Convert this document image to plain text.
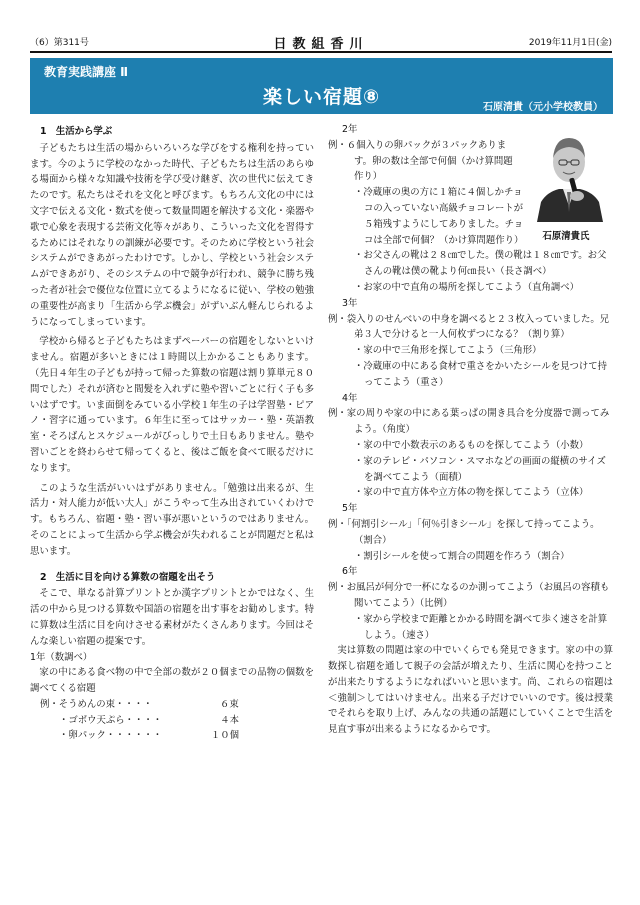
（6）第311号	日教組香川	2019年11月1日(金)
教育実践講座 Ⅱ
楽しい宿題⑧	石原清貴（元小学校教員）
1　生活から学ぶ

子どもたちは生活の場からいろいろな学びをする権利を持っています。今のように学校のなかった時代、子どもたちは生活のあらゆる場面から様々な知識や技術を学び受け継ぎ、次の世代に伝えてきたのです。私たちはそれを文化と呼びます。もちろん文化の中には文字で伝える文化・数式を使って数量問題を解決する文化・楽器や歌で心象を表現する芸術文化等々があり、こういった文化を習得するためにはそれなりの訓練が必要です。そのために学校という社会システムができあがったわけです。しかし、学校という社会システムができあがり、そのシステムの中で競争が行われ、競争に勝ち残った者が社会で優位な位置に立てるようになるに従い、学校の勉強の重要性が高まり「生活から学ぶ機会」がずいぶん軽んじられるようになってしまっています。

学校から帰ると子どもたちはまずペーパーの宿題をしないといけません。宿題が多いときには１時間以上かかることもあります。（先日４年生の子どもが持って帰った算数の宿題は割り算単元８０問でした）それが済むと間髪を入れずに塾や習いごとに行く子も多いはずです。いま面倒をみている小学校１年生の子は学習塾・ピアノ・習字に通っています。６年生に至ってはサッカー・塾・英語教室・そろばんとスケジュールがびっしりで土日もありません。塾や習いごとを終わらせて帰ってくると、後はご飯を食べて眠るだけになります。

このような生活がいいはずがありません。「勉強は出来るが、生活力・対人能力が低い大人」がこうやって生み出されていくわけです。もちろん、宿題・塾・習い事が悪いというのではありません。そのことによって生活から学ぶ機会が失われることが問題だと私は思います。

2　生活に目を向ける算数の宿題を出そう

そこで、単なる計算プリントとか漢字プリントとかではなく、生活の中から見つける算数や国語の宿題を出す事をお勧めします。特に算数は生活に目を向けさせる素材がたくさんあります。今回はそんな楽しい宿題の提案です。

1年（数調べ）

家の中にある食べ物の中で全部の数が２０個までの品物の個数を調べてくる宿題

例・ そうめんの束・・・・	６束
・ゴボウ天ぷら・・・・	４本
・卵パック・・・・・・	１０個
石原清貴氏
2年

例・６個入りの卵パックが３パックあります。卵の数は全部で何個（かけ算問題作り）

・冷蔵庫の奥の方に１箱に４個しかチョコの入っていない高級チョコレートが５箱残すようにしてありました。チョコは全部で何個？（かけ算問題作り）

・お父さんの靴は２８㎝でした。僕の靴は１８㎝です。お父さんの靴は僕の靴より何㎝長い（長さ調べ）

・お家の中で直角の場所を探してこよう（直角調べ）

3年

例・袋入りのせんべいの中身を調べると２３枚入っていました。兄弟３人で分けると一人何枚ずつになる？（割り算）

・家の中で三角形を探してこよう（三角形）

・冷蔵庫の中にある食材で重さをかいたシールを見つけて持ってこよう（重さ）

4年

例・家の周りや家の中にある葉っぱの開き具合を分度器で測ってみよう。（角度）

・家の中で小数表示のあるものを探してこよう（小数）

・家のテレビ・パソコン・スマホなどの画面の縦横のサイズを調べてこよう（面積）

・家の中で直方体や立方体の物を探してこよう（立体）

5年

例・「何割引シール」「何％引きシール」を探して持ってこよう。（割合）

・割引シールを使って割合の問題を作ろう（割合）

6年

例・お風呂が何分で一杯になるのか測ってこよう（お風呂の容積も聞いてこよう）（比例）

・家から学校まで距離とかかる時間を調べて歩く速さを計算しよう。（速さ）

実は算数の問題は家の中でいくらでも発見できます。家の中の算数探し宿題を通して親子の会話が増えたり、生活に関心を持つことが出来たりするようになればいいと思います。尚、これらの宿題は＜強制＞してはいけません。出来る子だけでいいのです。後は授業でそれらを取り上げ、みんなの共通の話題にしていくことで生活を見直す事が出来るようになるからです。
